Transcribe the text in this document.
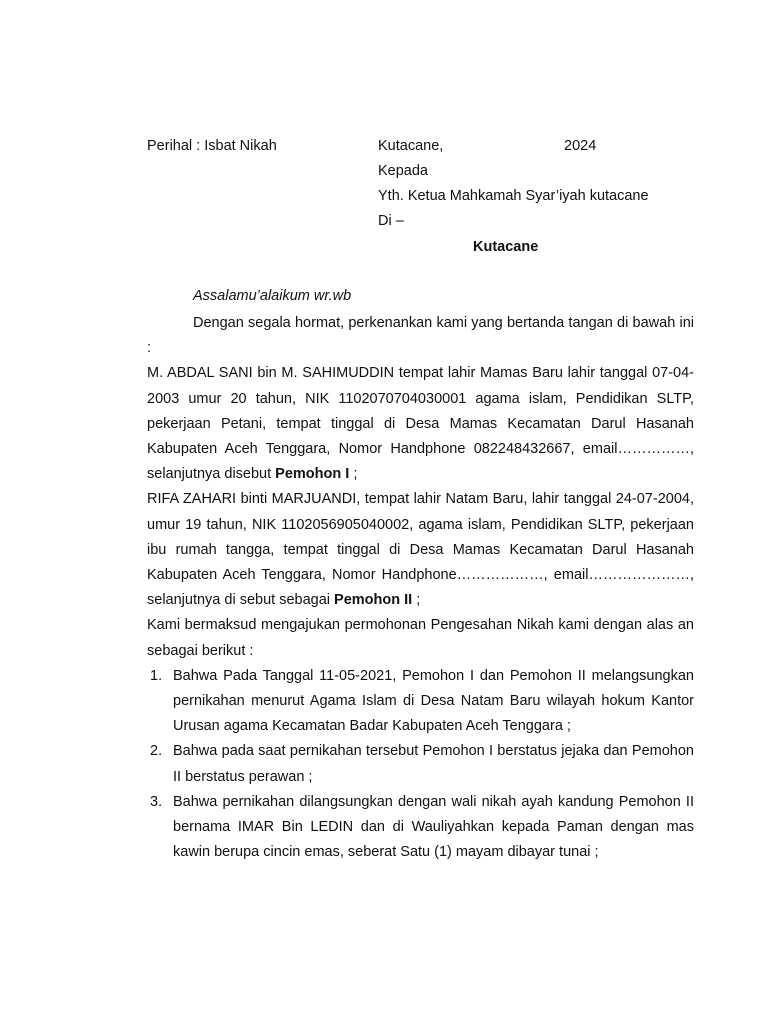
Perihal : Isbat Nikah	Kutacane,	2024
Kepada
Yth. Ketua Mahkamah Syar’iyah kutacane
Di –
Kutacane
Assalamu’alaikum wr.wb

Dengan segala hormat, perkenankan kami yang bertanda tangan di bawah ini :

M. ABDAL SANI bin M. SAHIMUDDIN tempat lahir Mamas Baru lahir tanggal 07-04-2003 umur 20 tahun, NIK 1102070704030001 agama islam, Pendidikan SLTP, pekerjaan Petani, tempat tinggal di Desa Mamas Kecamatan Darul Hasanah Kabupaten Aceh Tenggara, Nomor Handphone 082248432667, email……………, selanjutnya disebut Pemohon I ;

RIFA ZAHARI binti MARJUANDI, tempat lahir Natam Baru, lahir tanggal 24-07-2004, umur 19 tahun, NIK 1102056905040002, agama islam, Pendidikan SLTP, pekerjaan ibu rumah tangga, tempat tinggal di Desa Mamas Kecamatan Darul Hasanah Kabupaten Aceh Tenggara, Nomor Handphone………………, email…………………, selanjutnya di sebut sebagai Pemohon II ;

Kami bermaksud mengajukan permohonan Pengesahan Nikah kami dengan alas an sebagai berikut :

1. Bahwa Pada Tanggal 11-05-2021, Pemohon I dan Pemohon II melangsungkan pernikahan menurut Agama Islam di Desa Natam Baru wilayah hokum Kantor Urusan agama Kecamatan Badar Kabupaten Aceh Tenggara ;
2. Bahwa pada saat pernikahan tersebut Pemohon I berstatus jejaka dan Pemohon II berstatus perawan ;
3. Bahwa pernikahan dilangsungkan dengan wali nikah ayah kandung Pemohon II bernama IMAR Bin LEDIN dan di Wauliyahkan kepada Paman dengan mas kawin berupa cincin emas, seberat Satu (1) mayam dibayar tunai ;
